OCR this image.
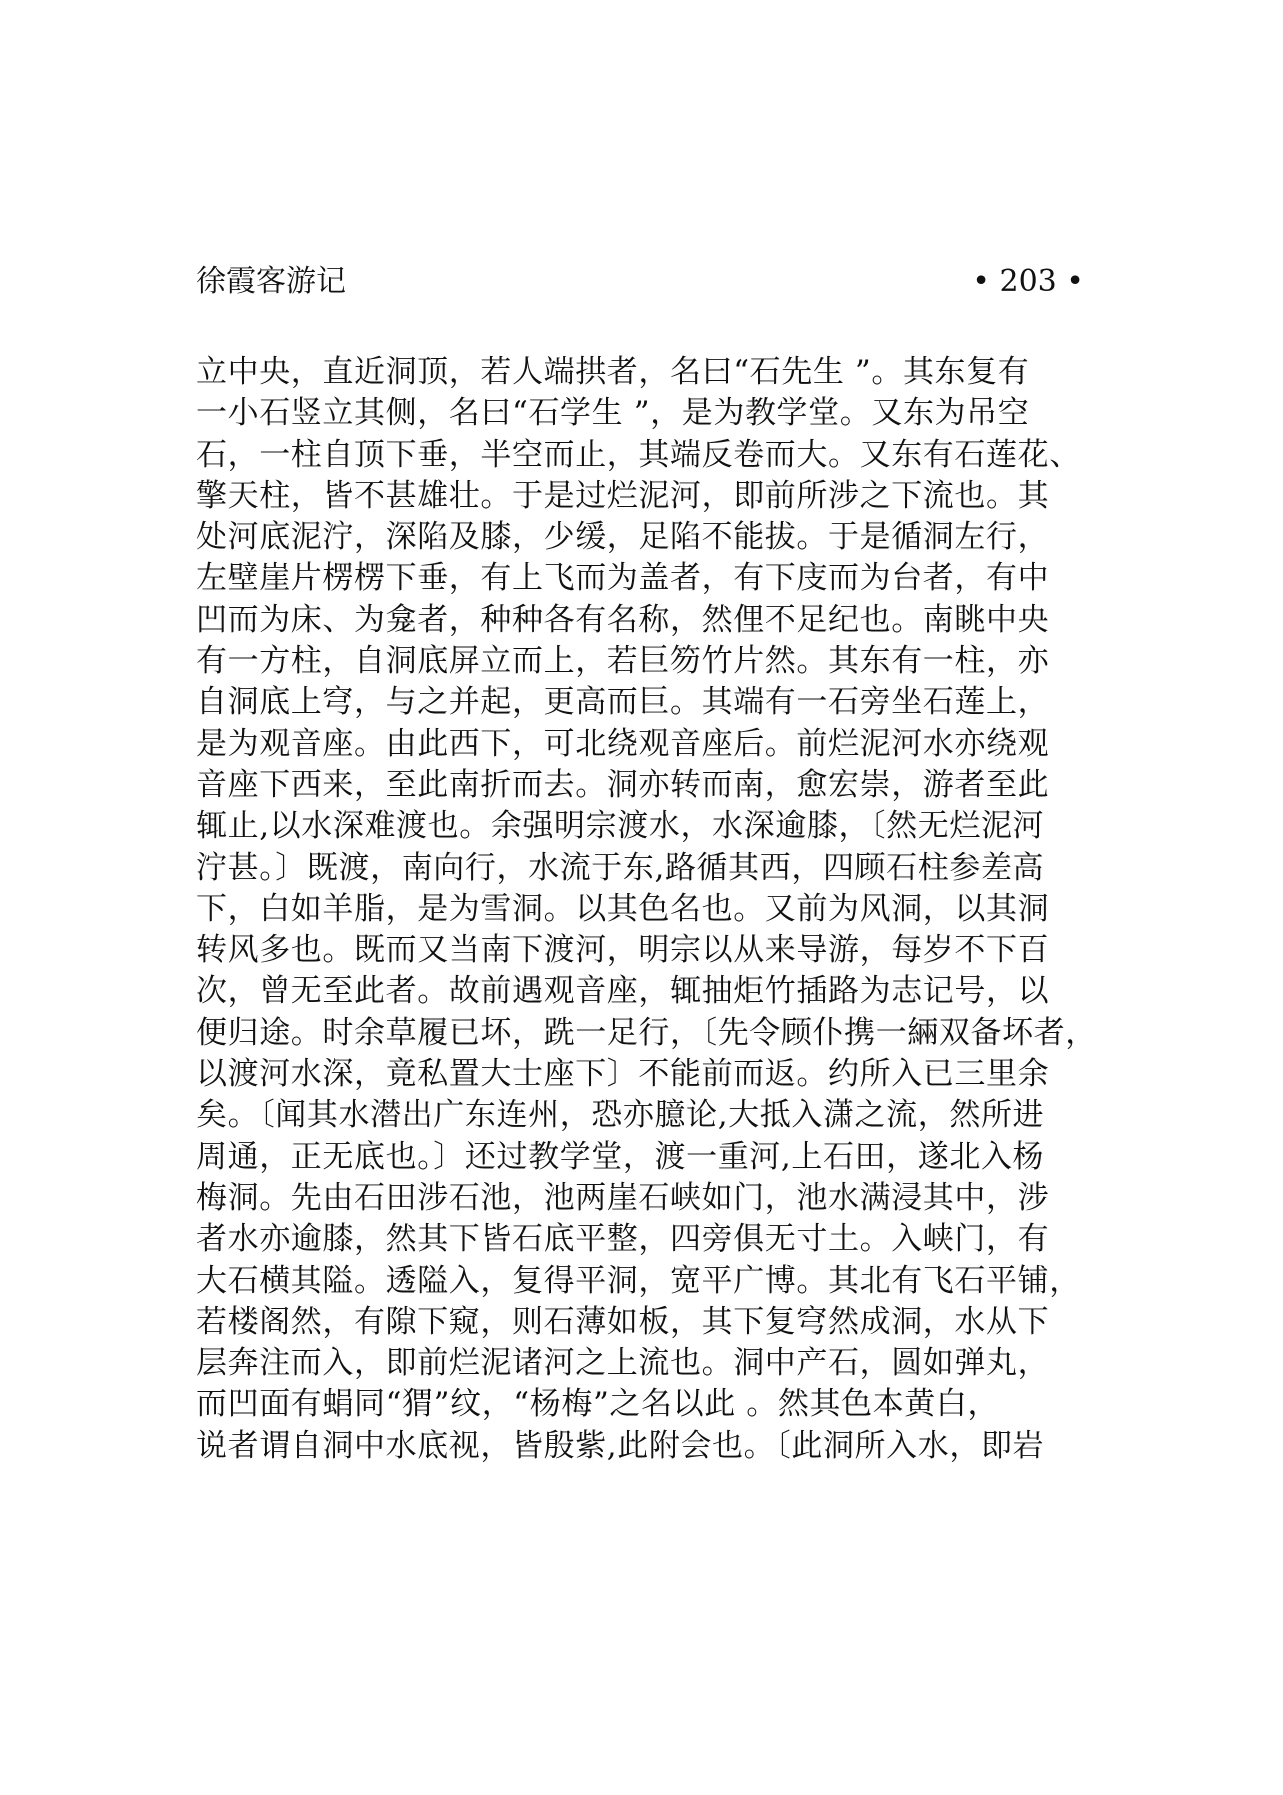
徐霞客游记	• 203 •
立中央，直近洞顶，若人端拱者，名曰“石先生 ”。其东复有
一小石竖立其侧，名曰“石学生 ”，是为教学堂。又东为吊空
石，一柱自顶下垂，半空而止，其端反卷而大。又东有石莲花、
擎天柱，皆不甚雄壮。于是过烂泥河，即前所涉之下流也。其
处河底泥泞，深陷及膝，少缓，足陷不能拔。于是循洞左行，
左壁崖片楞楞下垂，有上飞而为盖者，有下庋而为台者，有中
凹而为床、为龛者，种种各有名称，然俚不足纪也。南眺中央
有一方柱，自洞底屏立而上，若巨笏竹片然。其东有一柱，亦
自洞底上穹，与之并起，更高而巨。其端有一石旁坐石莲上，
是为观音座。由此西下，可北绕观音座后。前烂泥河水亦绕观
音座下西来，至此南折而去。洞亦转而南，愈宏崇，游者至此
辄止,以水深难渡也。余强明宗渡水，水深逾膝，〔然无烂泥河
泞甚。〕既渡，南向行，水流于东,路循其西，四顾石柱参差高
下，白如羊脂，是为雪洞。以其色名也。又前为风洞，以其洞
转风多也。既而又当南下渡河，明宗以从来导游，每岁不下百
次，曾无至此者。故前遇观音座，辄抽炬竹插路为志记号，以
便归途。时余草履已坏，跣一足行，〔先令顾仆携一緉双备坏者，
以渡河水深，竟私置大士座下〕不能前而返。约所入已三里余
矣。〔闻其水潜出广东连州，恐亦臆论,大抵入潇之流，然所进
周通，正无底也。〕还过教学堂，渡一重河,上石田，遂北入杨
梅洞。先由石田涉石池，池两崖石峡如门，池水满浸其中，涉
者水亦逾膝，然其下皆石底平整，四旁俱无寸土。入峡门，有
大石横其隘。透隘入，复得平洞，宽平广博。其北有飞石平铺，
若楼阁然，有隙下窥，则石薄如板，其下复穹然成洞，水从下
层奔注而入，即前烂泥诸河之上流也。洞中产石，圆如弹丸，
而凹面有蜎同“猬”纹，“杨梅”之名以此 。然其色本黄白，
说者谓自洞中水底视，皆殷紫,此附会也。〔此洞所入水，即岩
